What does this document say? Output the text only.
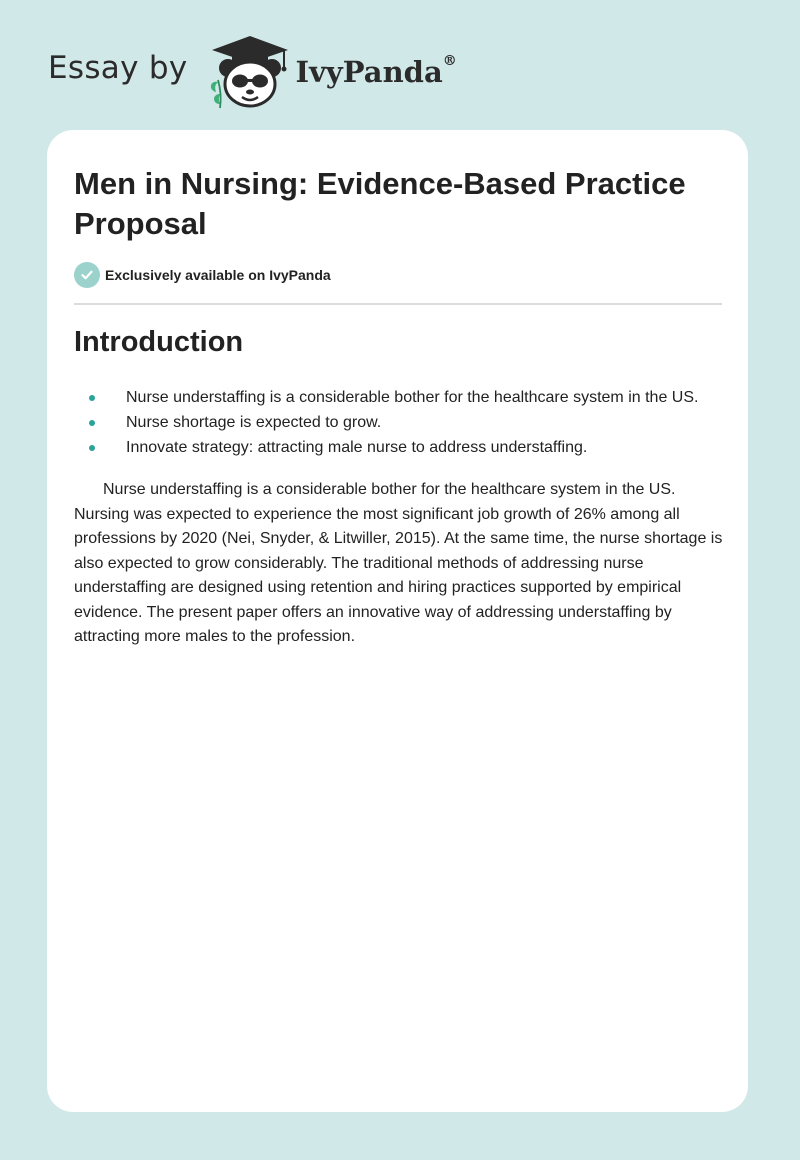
Essay by	IvyPanda®
Men in Nursing: Evidence-Based Practice Proposal
Exclusively available on IvyPanda
Introduction
Nurse understaffing is a considerable bother for the healthcare system in the US.
Nurse shortage is expected to grow.
Innovate strategy: attracting male nurse to address understaffing.

Nurse understaffing is a considerable bother for the healthcare system in the US. Nursing was expected to experience the most significant job growth of 26% among all professions by 2020 (Nei, Snyder, & Litwiller, 2015). At the same time, the nurse shortage is also expected to grow considerably. The traditional methods of addressing nurse understaffing are designed using retention and hiring practices supported by empirical evidence. The present paper offers an innovative way of addressing understaffing by attracting more males to the profession.
